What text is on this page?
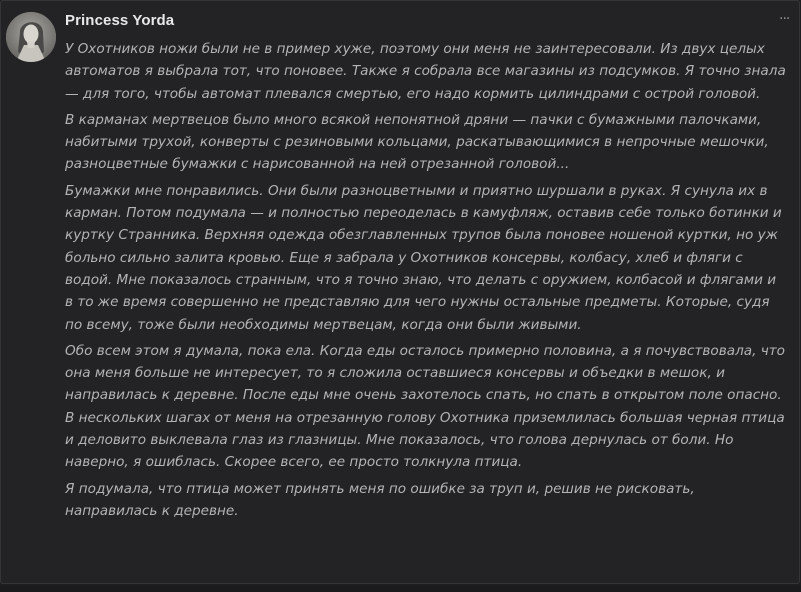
Princess Yorda	···

У Охотников ножи были не в пример хуже, поэтому они меня не заинтересовали. Из двух целых автоматов я выбрала тот, что поновее. Также я собрала все магазины из подсумков. Я точно знала — для того, чтобы автомат плевался смертью, его надо кормить цилиндрами с острой головой.

В карманах мертвецов было много всякой непонятной дряни — пачки с бумажными палочками, набитыми трухой, конверты с резиновыми кольцами, раскатывающимися в непрочные мешочки, разноцветные бумажки с нарисованной на ней отрезанной головой...

Бумажки мне понравились. Они были разноцветными и приятно шуршали в руках. Я сунула их в карман. Потом подумала — и полностью переоделась в камуфляж, оставив себе только ботинки и куртку Странника. Верхняя одежда обезглавленных трупов была поновее ношеной куртки, но уж больно сильно залита кровью. Еще я забрала у Охотников консервы, колбасу, хлеб и фляги с водой. Мне показалось странным, что я точно знаю, что делать с оружием, колбасой и флягами и в то же время совершенно не представляю для чего нужны остальные предметы. Которые, судя по всему, тоже были необходимы мертвецам, когда они были живыми.

Обо всем этом я думала, пока ела. Когда еды осталось примерно половина, а я почувствовала, что она меня больше не интересует, то я сложила оставшиеся консервы и объедки в мешок, и направилась к деревне. После еды мне очень захотелось спать, но спать в открытом поле опасно. В нескольких шагах от меня на отрезанную голову Охотника приземлилась большая черная птица и деловито выклевала глаз из глазницы. Мне показалось, что голова дернулась от боли. Но наверно, я ошиблась. Скорее всего, ее просто толкнула птица.

Я подумала, что птица может принять меня по ошибке за труп и, решив не рисковать, направилась к деревне.
